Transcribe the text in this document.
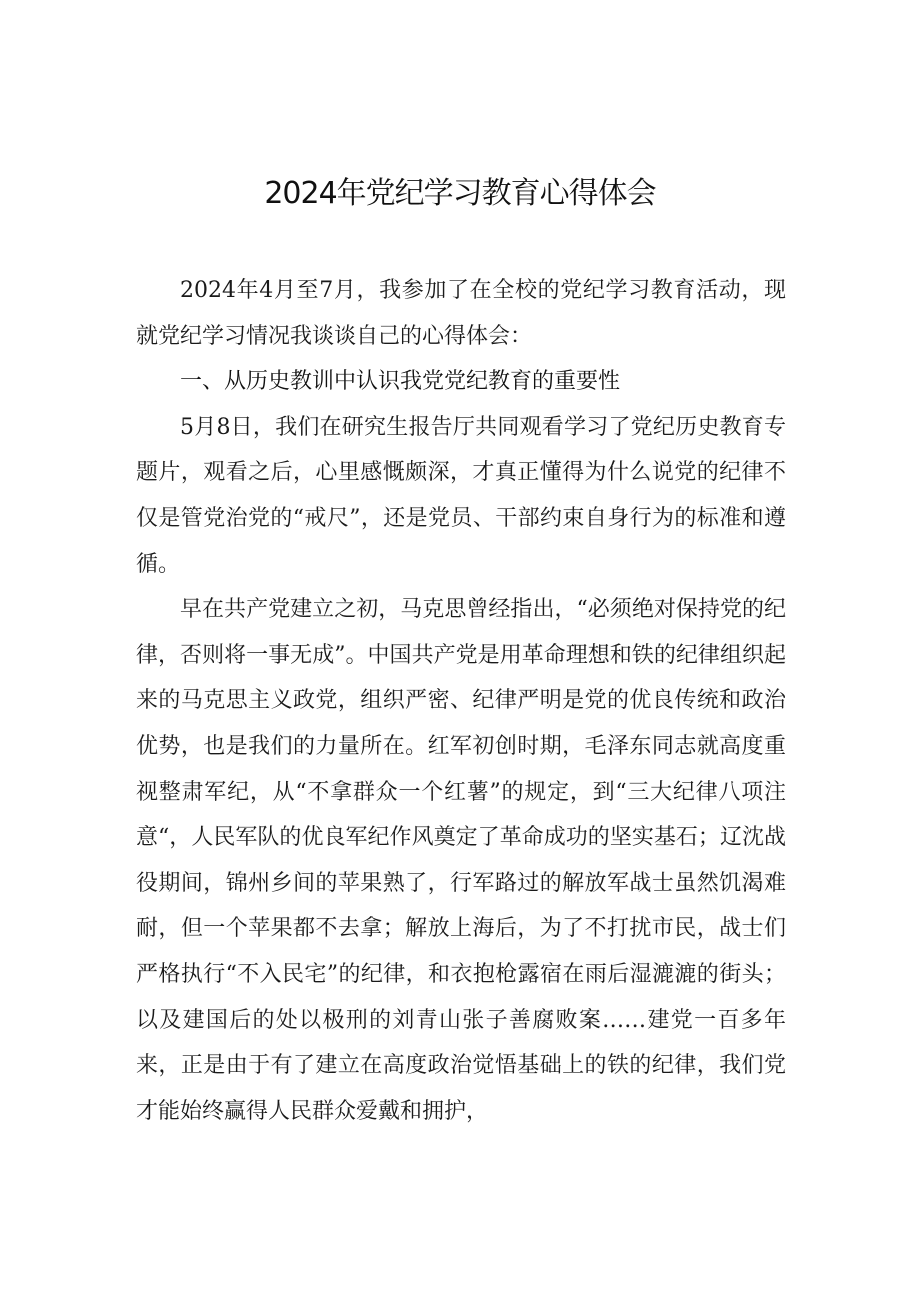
2024年党纪学习教育心得体会

2024年4月至7月，我参加了在全校的党纪学习教育活动，现就党纪学习情况我谈谈自己的心得体会：

一、从历史教训中认识我党党纪教育的重要性

5月8日，我们在研究生报告厅共同观看学习了党纪历史教育专题片，观看之后，心里感慨颇深，才真正懂得为什么说党的纪律不仅是管党治党的“戒尺”，还是党员、干部约束自身行为的标准和遵循。

早在共产党建立之初，马克思曾经指出，“必须绝对保持党的纪律，否则将一事无成”。中国共产党是用革命理想和铁的纪律组织起来的马克思主义政党，组织严密、纪律严明是党的优良传统和政治优势，也是我们的力量所在。红军初创时期，毛泽东同志就高度重视整肃军纪，从“不拿群众一个红薯”的规定，到“三大纪律八项注意“，人民军队的优良军纪作风奠定了革命成功的坚实基石；辽沈战役期间，锦州乡间的苹果熟了，行军路过的解放军战士虽然饥渴难耐，但一个苹果都不去拿；解放上海后，为了不打扰市民，战士们严格执行“不入民宅”的纪律，和衣抱枪露宿在雨后湿漉漉的街头；以及建国后的处以极刑的刘青山张子善腐败案……建党一百多年来，正是由于有了建立在高度政治觉悟基础上的铁的纪律，我们党才能始终赢得人民群众爱戴和拥护，
